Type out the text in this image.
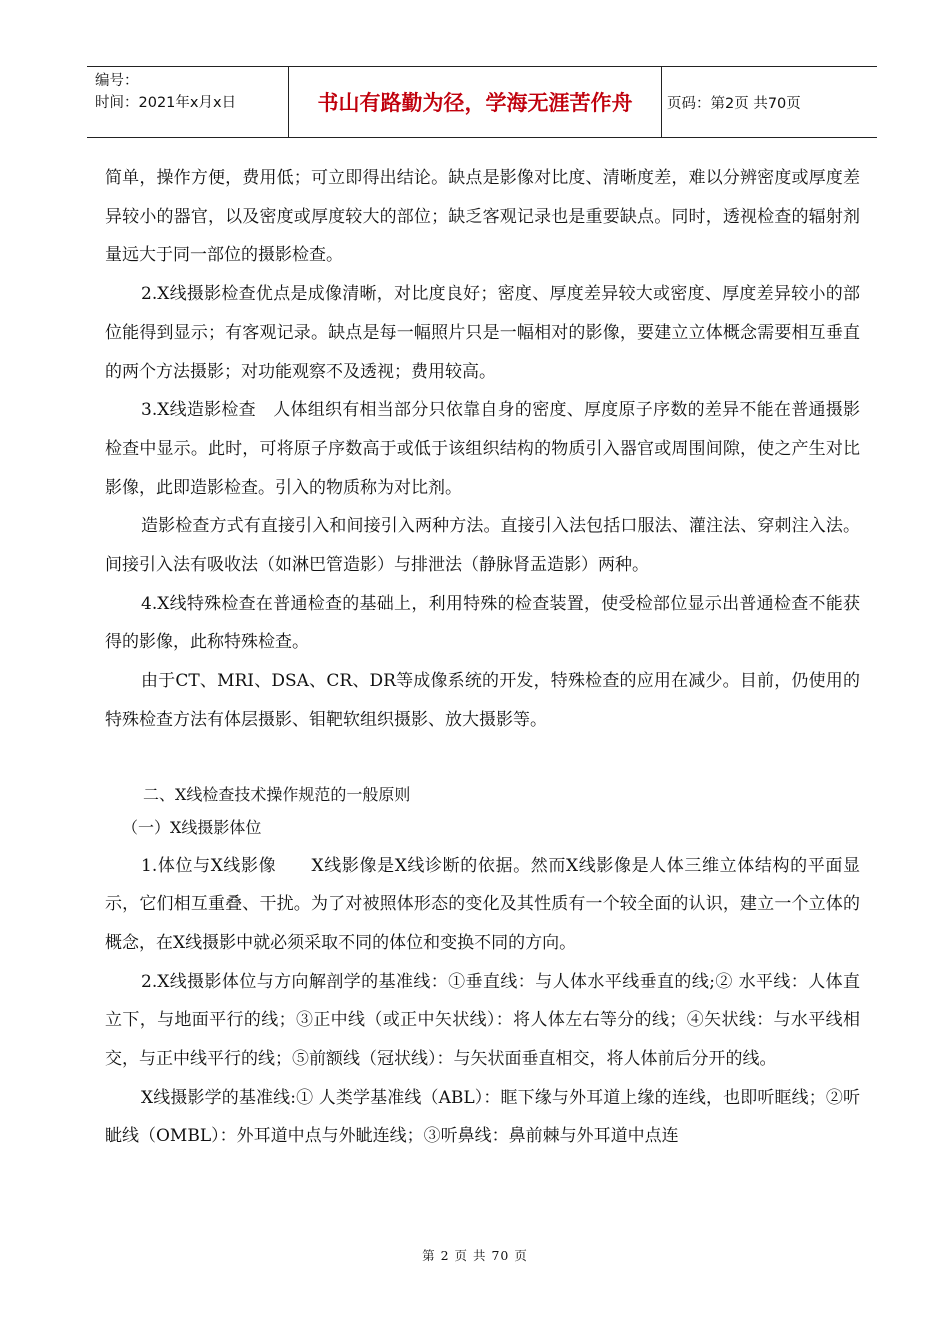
编号：
时间：2021年x月x日	书山有路勤为径，学海无涯苦作舟	页码：第2页 共70页

简单，操作方便，费用低；可立即得出结论。缺点是影像对比度、清晰度差，难以分辨密度或厚度差异较小的器官，以及密度或厚度较大的部位；缺乏客观记录也是重要缺点。同时，透视检查的辐射剂量远大于同一部位的摄影检查。

2.X线摄影检查优点是成像清晰，对比度良好；密度、厚度差异较大或密度、厚度差异较小的部位能得到显示；有客观记录。缺点是每一幅照片只是一幅相对的影像，要建立立体概念需要相互垂直的两个方法摄影；对功能观察不及透视；费用较高。

3.X线造影检查　人体组织有相当部分只依靠自身的密度、厚度原子序数的差异不能在普通摄影检查中显示。此时，可将原子序数高于或低于该组织结构的物质引入器官或周围间隙，使之产生对比影像，此即造影检查。引入的物质称为对比剂。

造影检查方式有直接引入和间接引入两种方法。直接引入法包括口服法、灌注法、穿刺注入法。间接引入法有吸收法（如淋巴管造影）与排泄法（静脉肾盂造影）两种。

4.X线特殊检查在普通检查的基础上，利用特殊的检查装置，使受检部位显示出普通检查不能获得的影像，此称特殊检查。

由于CT、MRI、DSA、CR、DR等成像系统的开发，特殊检查的应用在减少。目前，仍使用的特殊检查方法有体层摄影、钼靶软组织摄影、放大摄影等。

二、X线检查技术操作规范的一般原则

（一）X线摄影体位

1.体位与X线影像　　X线影像是X线诊断的依据。然而X线影像是人体三维立体结构的平面显示，它们相互重叠、干扰。为了对被照体形态的变化及其性质有一个较全面的认识，建立一个立体的概念，在X线摄影中就必须采取不同的体位和变换不同的方向。

2.X线摄影体位与方向解剖学的基准线：①垂直线：与人体水平线垂直的线;② 水平线：人体直立下，与地面平行的线；③正中线（或正中矢状线）：将人体左右等分的线；④矢状线：与水平线相交，与正中线平行的线；⑤前额线（冠状线）：与矢状面垂直相交，将人体前后分开的线。

X线摄影学的基准线:① 人类学基准线（ABL）：眶下缘与外耳道上缘的连线，也即听眶线；②听眦线（OMBL）：外耳道中点与外眦连线；③听鼻线：鼻前棘与外耳道中点连

第 2 页 共 70 页
